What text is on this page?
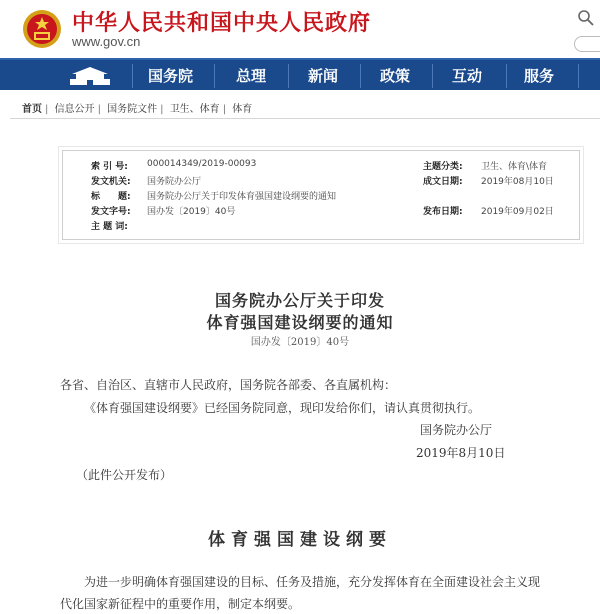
中华人民共和国中央人民政府
www.gov.cn
国务院	总理	新闻	政策	互动	服务
首页 | 信息公开 | 国务院文件 | 卫生、体育 | 体育
索 引 号: 000014349/2019-00093
发文机关: 国务院办公厅
标　　题: 国务院办公厅关于印发体育强国建设纲要的通知
发文字号: 国办发〔2019〕40号
主 题 词:
主题分类: 卫生、体育\体育
成文日期: 2019年08月10日
发布日期: 2019年09月02日
国务院办公厅关于印发
体育强国建设纲要的通知
国办发〔2019〕40号
各省、自治区、直辖市人民政府，国务院各部委、各直属机构：
《体育强国建设纲要》已经国务院同意，现印发给你们，请认真贯彻执行。
国务院办公厅
2019年8月10日
（此件公开发布）
体育强国建设纲要
为进一步明确体育强国建设的目标、任务及措施，充分发挥体育在全面建设社会主义现
代化国家新征程中的重要作用，制定本纲要。
